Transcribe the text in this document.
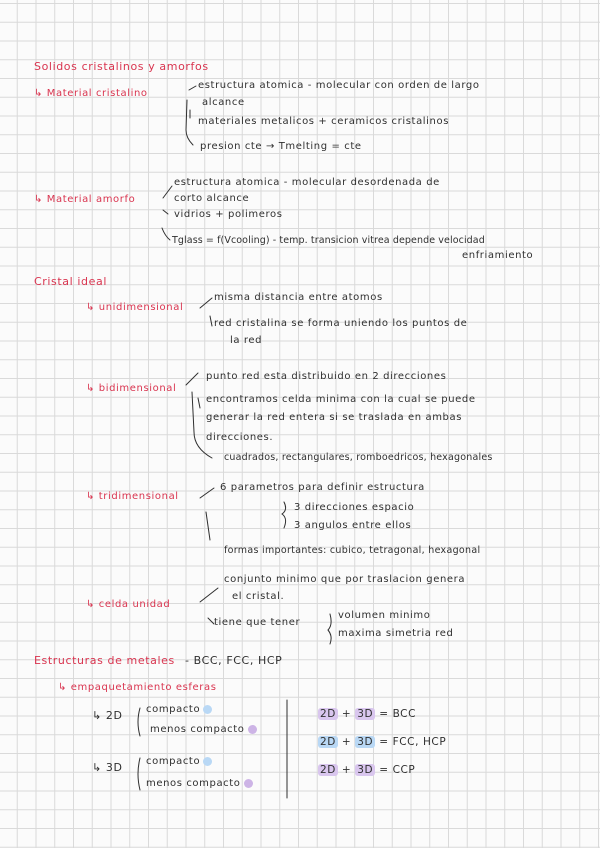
Solidos cristalinos y amorfos
↳ Material cristalino
estructura atomica - molecular con orden de largo
alcance
materiales metalicos + ceramicos cristalinos
presion cte → Tmelting = cte
↳ Material amorfo
estructura atomica - molecular desordenada de
corto alcance
vidrios + polimeros
Tglass = f(Vcooling) - temp. transicion vitrea depende velocidad
enfriamiento
Cristal ideal
↳ unidimensional
misma distancia entre atomos
red cristalina se forma uniendo los puntos de
la red
↳ bidimensional
punto red esta distribuido en 2 direcciones
encontramos celda minima con la cual se puede
generar la red entera si se traslada en ambas
direcciones.
cuadrados, rectangulares, romboedricos, hexagonales
↳ tridimensional
6 parametros para definir estructura
3 direcciones espacio
3 angulos entre ellos
formas importantes: cubico, tetragonal, hexagonal
↳ celda unidad
conjunto minimo que por traslacion genera
el cristal.
tiene que tener
volumen minimo
maxima simetria red
Estructuras de metales - BCC, FCC, HCP
↳ empaquetamiento esferas
↳ 2D compacto
menos compacto
↳ 3D compacto
menos compacto
2D + 3D = BCC
2D + 3D = FCC, HCP
2D + 3D = CCP
